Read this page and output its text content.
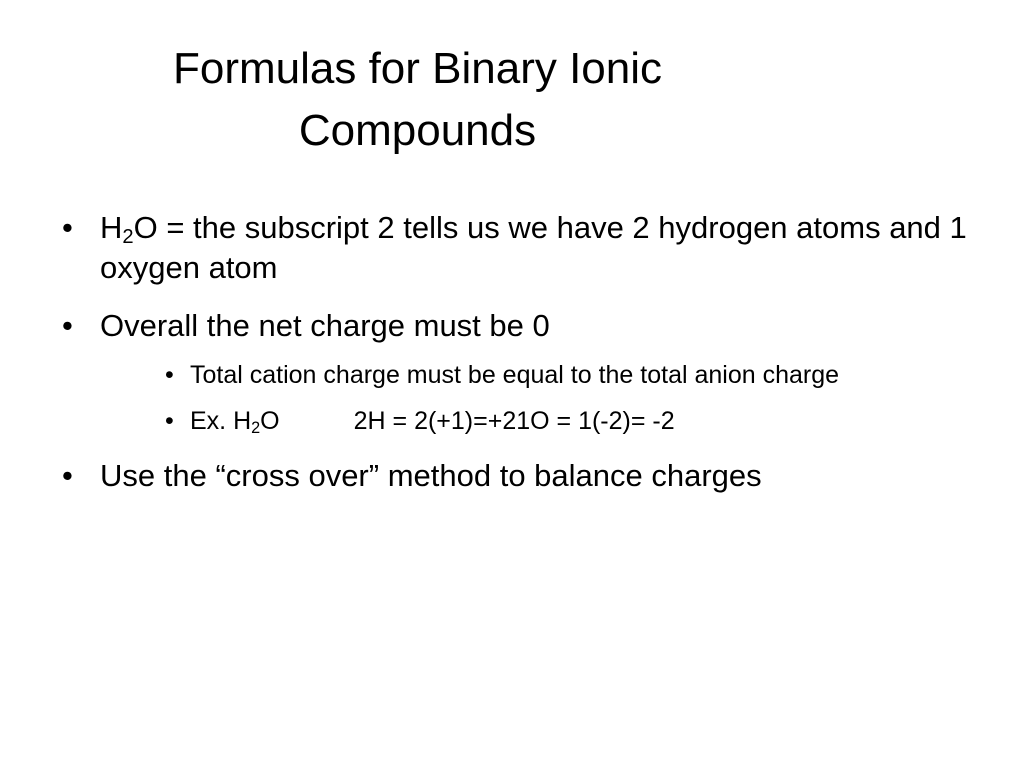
Formulas for Binary Ionic
Compounds
• $H_2O$ = the subscript 2 tells us we have 2 hydrogen atoms and 1 oxygen atom
• Overall the net charge must be 0
• Total cation charge must be equal to the total anion charge
• Ex. $H_2O$	2H = 2(+1)=+21O = 1(-2)= -2
• Use the “cross over” method to balance charges
